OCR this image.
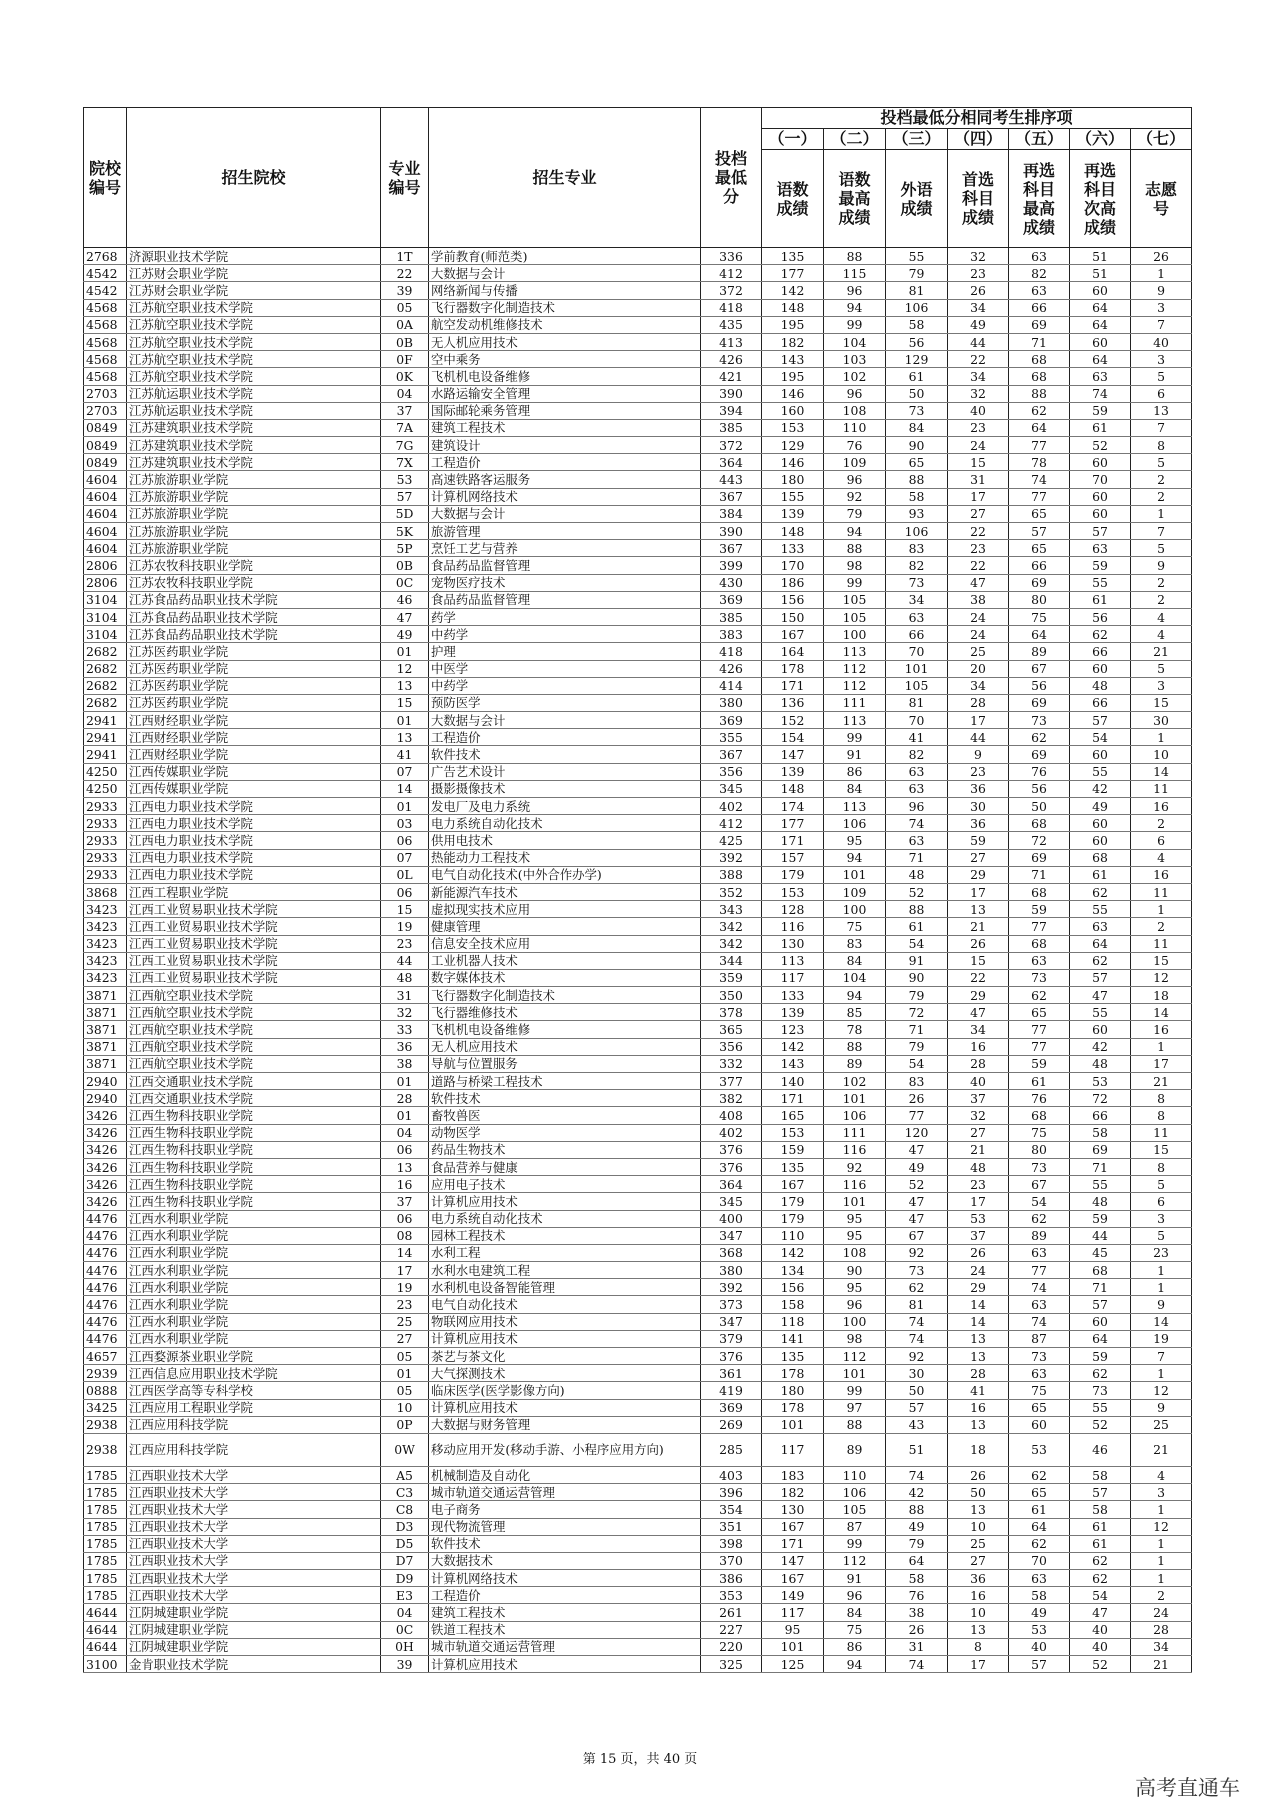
院校编号	招生院校	专业编号	招生专业	投档最低分	投档最低分相同考生排序项						
					（一）	（二）	（三）	（四）	（五）	（六）	（七）
					语数成绩	语数最高成绩	外语成绩	首选科目成绩	再选科目最高成绩	再选科目次高成绩	志愿号
2768	济源职业技术学院	1T	学前教育(师范类)	336	135	88	55	32	63	51	26
4542	江苏财会职业学院	22	大数据与会计	412	177	115	79	23	82	51	1
4542	江苏财会职业学院	39	网络新闻与传播	372	142	96	81	26	63	60	9
4568	江苏航空职业技术学院	05	飞行器数字化制造技术	418	148	94	106	34	66	64	3
4568	江苏航空职业技术学院	0A	航空发动机维修技术	435	195	99	58	49	69	64	7
4568	江苏航空职业技术学院	0B	无人机应用技术	413	182	104	56	44	71	60	40
4568	江苏航空职业技术学院	0F	空中乘务	426	143	103	129	22	68	64	3
4568	江苏航空职业技术学院	0K	飞机机电设备维修	421	195	102	61	34	68	63	5
2703	江苏航运职业技术学院	04	水路运输安全管理	390	146	96	50	32	88	74	6
2703	江苏航运职业技术学院	37	国际邮轮乘务管理	394	160	108	73	40	62	59	13
0849	江苏建筑职业技术学院	7A	建筑工程技术	385	153	110	84	23	64	61	7
0849	江苏建筑职业技术学院	7G	建筑设计	372	129	76	90	24	77	52	8
0849	江苏建筑职业技术学院	7X	工程造价	364	146	109	65	15	78	60	5
4604	江苏旅游职业学院	53	高速铁路客运服务	443	180	96	88	31	74	70	2
4604	江苏旅游职业学院	57	计算机网络技术	367	155	92	58	17	77	60	2
4604	江苏旅游职业学院	5D	大数据与会计	384	139	79	93	27	65	60	1
4604	江苏旅游职业学院	5K	旅游管理	390	148	94	106	22	57	57	7
4604	江苏旅游职业学院	5P	烹饪工艺与营养	367	133	88	83	23	65	63	5
2806	江苏农牧科技职业学院	0B	食品药品监督管理	399	170	98	82	22	66	59	9
2806	江苏农牧科技职业学院	0C	宠物医疗技术	430	186	99	73	47	69	55	2
3104	江苏食品药品职业技术学院	46	食品药品监督管理	369	156	105	34	38	80	61	2
3104	江苏食品药品职业技术学院	47	药学	385	150	105	63	24	75	56	4
3104	江苏食品药品职业技术学院	49	中药学	383	167	100	66	24	64	62	4
2682	江苏医药职业学院	01	护理	418	164	113	70	25	89	66	21
2682	江苏医药职业学院	12	中医学	426	178	112	101	20	67	60	5
2682	江苏医药职业学院	13	中药学	414	171	112	105	34	56	48	3
2682	江苏医药职业学院	15	预防医学	380	136	111	81	28	69	66	15
2941	江西财经职业学院	01	大数据与会计	369	152	113	70	17	73	57	30
2941	江西财经职业学院	13	工程造价	355	154	99	41	44	62	54	1
2941	江西财经职业学院	41	软件技术	367	147	91	82	9	69	60	10
4250	江西传媒职业学院	07	广告艺术设计	356	139	86	63	23	76	55	14
4250	江西传媒职业学院	14	摄影摄像技术	345	148	84	63	36	56	42	11
2933	江西电力职业技术学院	01	发电厂及电力系统	402	174	113	96	30	50	49	16
2933	江西电力职业技术学院	03	电力系统自动化技术	412	177	106	74	36	68	60	2
2933	江西电力职业技术学院	06	供用电技术	425	171	95	63	59	72	60	6
2933	江西电力职业技术学院	07	热能动力工程技术	392	157	94	71	27	69	68	4
2933	江西电力职业技术学院	0L	电气自动化技术(中外合作办学)	388	179	101	48	29	71	61	16
3868	江西工程职业学院	06	新能源汽车技术	352	153	109	52	17	68	62	11
3423	江西工业贸易职业技术学院	15	虚拟现实技术应用	343	128	100	88	13	59	55	1
3423	江西工业贸易职业技术学院	19	健康管理	342	116	75	61	21	77	63	2
3423	江西工业贸易职业技术学院	23	信息安全技术应用	342	130	83	54	26	68	64	11
3423	江西工业贸易职业技术学院	44	工业机器人技术	344	113	84	91	15	63	62	15
3423	江西工业贸易职业技术学院	48	数字媒体技术	359	117	104	90	22	73	57	12
3871	江西航空职业技术学院	31	飞行器数字化制造技术	350	133	94	79	29	62	47	18
3871	江西航空职业技术学院	32	飞行器维修技术	378	139	85	72	47	65	55	14
3871	江西航空职业技术学院	33	飞机机电设备维修	365	123	78	71	34	77	60	16
3871	江西航空职业技术学院	36	无人机应用技术	356	142	88	79	16	77	42	1
3871	江西航空职业技术学院	38	导航与位置服务	332	143	89	54	28	59	48	17
2940	江西交通职业技术学院	01	道路与桥梁工程技术	377	140	102	83	40	61	53	21
2940	江西交通职业技术学院	28	软件技术	382	171	101	26	37	76	72	8
3426	江西生物科技职业学院	01	畜牧兽医	408	165	106	77	32	68	66	8
3426	江西生物科技职业学院	04	动物医学	402	153	111	120	27	75	58	11
3426	江西生物科技职业学院	06	药品生物技术	376	159	116	47	21	80	69	15
3426	江西生物科技职业学院	13	食品营养与健康	376	135	92	49	48	73	71	8
3426	江西生物科技职业学院	16	应用电子技术	364	167	116	52	23	67	55	5
3426	江西生物科技职业学院	37	计算机应用技术	345	179	101	47	17	54	48	6
4476	江西水利职业学院	06	电力系统自动化技术	400	179	95	47	53	62	59	3
4476	江西水利职业学院	08	园林工程技术	347	110	95	67	37	89	44	5
4476	江西水利职业学院	14	水利工程	368	142	108	92	26	63	45	23
4476	江西水利职业学院	17	水利水电建筑工程	380	134	90	73	24	77	68	1
4476	江西水利职业学院	19	水利机电设备智能管理	392	156	95	62	29	74	71	1
4476	江西水利职业学院	23	电气自动化技术	373	158	96	81	14	63	57	9
4476	江西水利职业学院	25	物联网应用技术	347	118	100	74	14	74	60	14
4476	江西水利职业学院	27	计算机应用技术	379	141	98	74	13	87	64	19
4657	江西婺源茶业职业学院	05	茶艺与茶文化	376	135	112	92	13	73	59	7
2939	江西信息应用职业技术学院	01	大气探测技术	361	178	101	30	28	63	62	1
0888	江西医学高等专科学校	05	临床医学(医学影像方向)	419	180	99	50	41	75	73	12
3425	江西应用工程职业学院	10	计算机应用技术	369	178	97	57	16	65	55	9
2938	江西应用科技学院	0P	大数据与财务管理	269	101	88	43	13	60	52	25
2938	江西应用科技学院	0W	移动应用开发(移动手游、小程序应用方向)	285	117	89	51	18	53	46	21
1785	江西职业技术大学	A5	机械制造及自动化	403	183	110	74	26	62	58	4
1785	江西职业技术大学	C3	城市轨道交通运营管理	396	182	106	42	50	65	57	3
1785	江西职业技术大学	C8	电子商务	354	130	105	88	13	61	58	1
1785	江西职业技术大学	D3	现代物流管理	351	167	87	49	10	64	61	12
1785	江西职业技术大学	D5	软件技术	398	171	99	79	25	62	61	1
1785	江西职业技术大学	D7	大数据技术	370	147	112	64	27	70	62	1
1785	江西职业技术大学	D9	计算机网络技术	386	167	91	58	36	63	62	1
1785	江西职业技术大学	E3	工程造价	353	149	96	76	16	58	54	2
4644	江阴城建职业学院	04	建筑工程技术	261	117	84	38	10	49	47	24
4644	江阴城建职业学院	0C	铁道工程技术	227	95	75	26	13	53	40	28
4644	江阴城建职业学院	0H	城市轨道交通运营管理	220	101	86	31	8	40	40	34
3100	金肯职业技术学院	39	计算机应用技术	325	125	94	74	17	57	52	21
第 15 页，共 40 页
高考直通车
